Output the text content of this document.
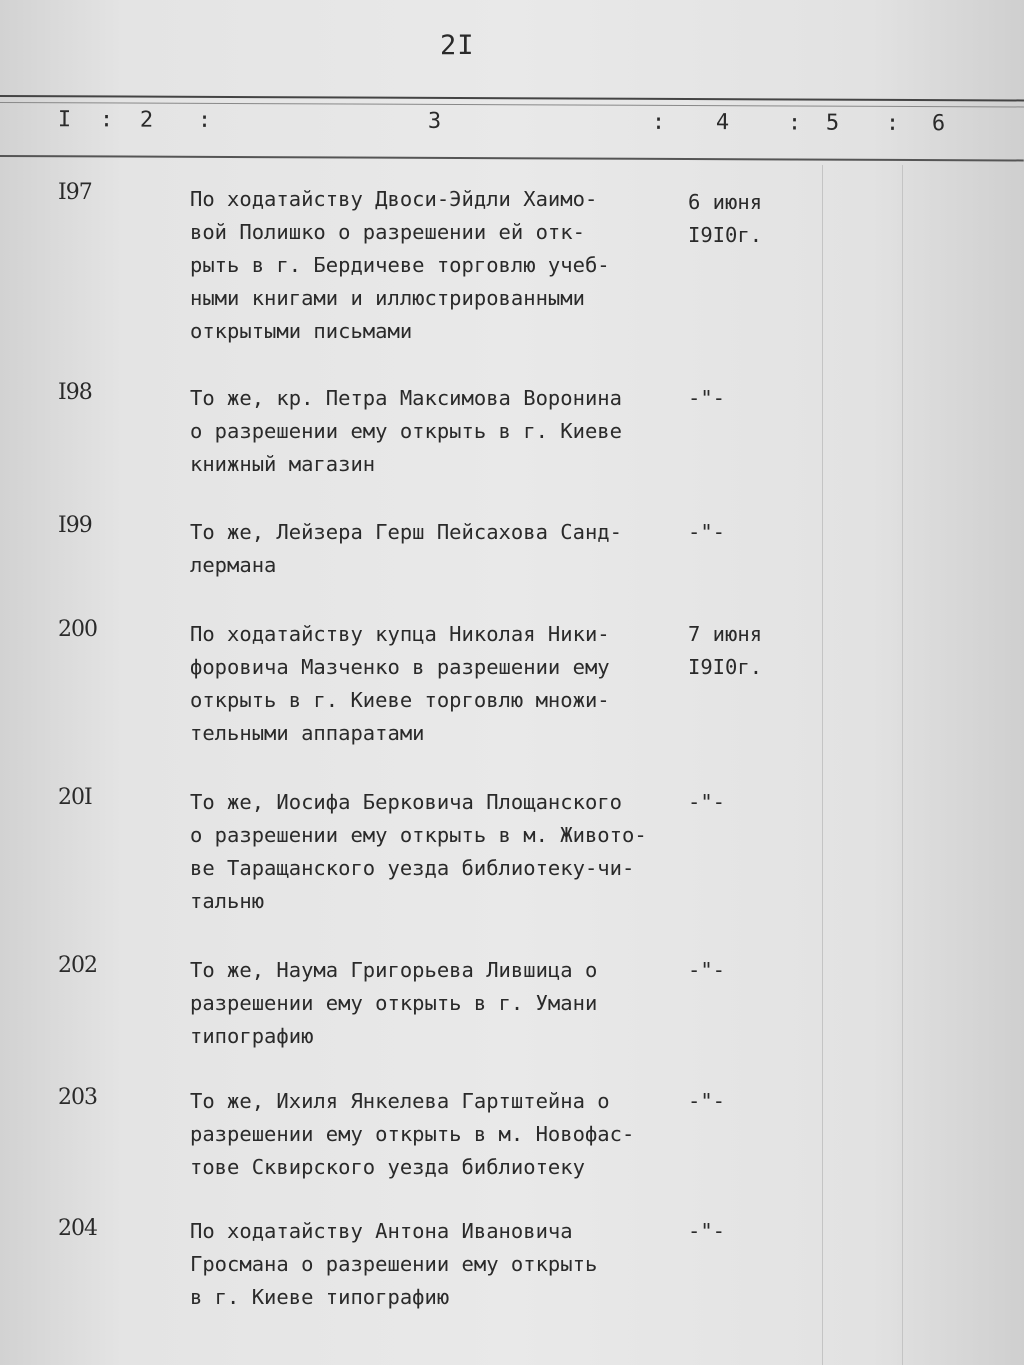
2I
I : 2 :	3	: 4	: 5 : 6
I97	По ходатайству Двоси-Эйдли Хаимо-
вой Полишко о разрешении ей отк-
рыть в г. Бердичеве торговлю учеб-
ными книгами и иллюстрированными
открытыми письмами
6 июня
I9I0г.
I98	То же, кр. Петра Максимова Воронина
о разрешении ему открыть в г. Киеве
книжный магазин
-"-
I99	То же, Лейзера Герш Пейсахова Санд-
лермана
-"-
200	По ходатайству купца Николая Ники-
форовича Мазченко в разрешении ему
открыть в г. Киеве торговлю множи-
тельными аппаратами
7 июня
I9I0г.
20I	То же, Иосифа Берковича Площанского
о разрешении ему открыть в м. Живото-
ве Таращанского уезда библиотеку-чи-
тальню
-"-
202	То же, Наума Григорьева Лившица о
разрешении ему открыть в г. Умани
типографию
-"-
203	То же, Ихиля Янкелева Гартштейна о
разрешении ему открыть в м. Новофас-
тове Сквирского уезда библиотеку
-"-
204	По ходатайству Антона Ивановича
Гросмана о разрешении ему открыть
в г. Киеве типографию
-"-
